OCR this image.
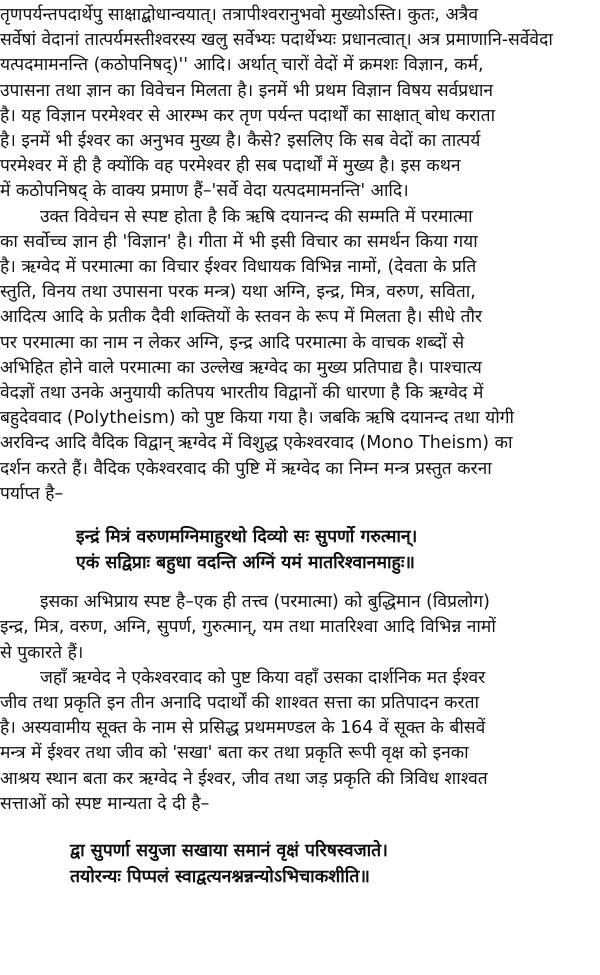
तृणपर्यन्तपदार्थेपु साक्षाद्बोधान्वयात्। तत्रापीश्वरानुभवो मुख्योऽस्ति। कुतः, अत्रैव
सर्वेषां वेदानां तात्पर्यमस्तीश्वरस्य खलु सर्वेभ्यः पदार्थेभ्यः प्रधानत्वात्। अत्र प्रमाणानि-सर्वेवेदा
यत्पदमामनन्ति (कठोपनिषद्)'' आदि। अर्थात् चारों वेदों में क्रमशः विज्ञान, कर्म,
उपासना तथा ज्ञान का विवेचन मिलता है। इनमें भी प्रथम विज्ञान विषय सर्वप्रधान
है। यह विज्ञान परमेश्वर से आरम्भ कर तृण पर्यन्त पदार्थों का साक्षात् बोध कराता
है। इनमें भी ईश्वर का अनुभव मुख्य है। कैसे? इसलिए कि सब वेदों का तात्पर्य
परमेश्वर में ही है क्योंकि वह परमेश्वर ही सब पदार्थों में मुख्य है। इस कथन
में कठोपनिषद् के वाक्य प्रमाण हैं–'सर्वे वेदा यत्पदमामनन्ति' आदि।
उक्त विवेचन से स्पष्ट होता है कि ऋषि दयानन्द की सम्मति में परमात्मा
का सर्वोच्च ज्ञान ही 'विज्ञान' है। गीता में भी इसी विचार का समर्थन किया गया
है। ऋग्वेद में परमात्मा का विचार ईश्वर विधायक विभिन्न नामों, (देवता के प्रति
स्तुति, विनय तथा उपासना परक मन्त्र) यथा अग्नि, इन्द्र, मित्र, वरुण, सविता,
आदित्य आदि के प्रतीक दैवी शक्तियों के स्तवन के रूप में मिलता है। सीधे तौर
पर परमात्मा का नाम न लेकर अग्नि, इन्द्र आदि परमात्मा के वाचक शब्दों से
अभिहित होने वाले परमात्मा का उल्लेख ऋग्वेद का मुख्य प्रतिपाद्य है। पाश्चात्य
वेदज्ञों तथा उनके अनुयायी कतिपय भारतीय विद्वानों की धारणा है कि ऋग्वेद में
बहुदेववाद (Polytheism) को पुष्ट किया गया है। जबकि ऋषि दयानन्द तथा योगी
अरविन्द आदि वैदिक विद्वान् ऋग्वेद में विशुद्ध एकेश्वरवाद (Mono Theism) का
दर्शन करते हैं। वैदिक एकेश्वरवाद की पुष्टि में ऋग्वेद का निम्न मन्त्र प्रस्तुत करना
पर्याप्त है–
इन्द्रं मित्रं वरुणमग्निमाहुरथो दिव्यो सः सुपर्णो गरुत्मान्।
एकं सद्विप्राः बहुधा वदन्ति अग्निं यमं मातरिश्वानमाहुः॥
इसका अभिप्राय स्पष्ट है–एक ही तत्त्व (परमात्मा) को बुद्धिमान (विप्रलोग)
इन्द्र, मित्र, वरुण, अग्नि, सुपर्ण, गुरुत्मान्, यम तथा मातरिश्वा आदि विभिन्न नामों
से पुकारते हैं।
जहाँ ऋग्वेद ने एकेश्वरवाद को पुष्ट किया वहाँ उसका दार्शनिक मत ईश्वर
जीव तथा प्रकृति इन तीन अनादि पदार्थों की शाश्वत सत्ता का प्रतिपादन करता
है। अस्यवामीय सूक्त के नाम से प्रसिद्ध प्रथममण्डल के 164 वें सूक्त के बीसवें
मन्त्र में ईश्वर तथा जीव को 'सखा' बता कर तथा प्रकृति रूपी वृक्ष को इनका
आश्रय स्थान बता कर ऋग्वेद ने ईश्वर, जीव तथा जड़ प्रकृति की त्रिविध शाश्वत
सत्ताओं को स्पष्ट मान्यता दे दी है–
द्वा सुपर्णा सयुजा सखाया समानं वृक्षं परिषस्वजाते।
तयोरन्यः पिप्पलं स्वाद्वत्यनश्नन्नन्योऽभिचाकशीति॥
